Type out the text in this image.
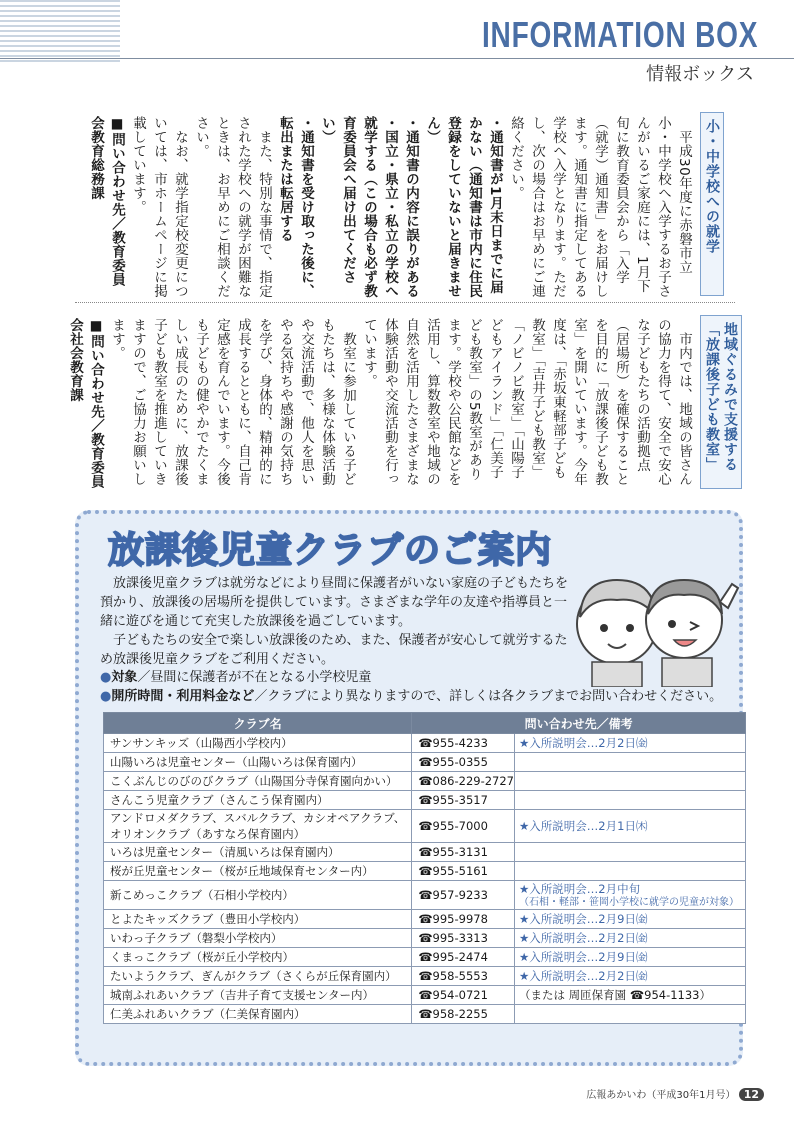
INFORMATION BOX
情報ボックス
小・中学校への就学

　平成30年度に赤磐市立小・中学校へ入学するお子さんがいるご家庭には、1月下旬に教育委員会から「入学（就学）通知書」をお届けします。通知書に指定してある学校へ入学となります。ただし、次の場合はお早めにご連絡ください。

・通知書が1月末日までに届かない（通知書は市内に住民登録をしていないと届きません）

・通知書の内容に誤りがある

・国立・県立・私立の学校へ就学する（この場合も必ず教育委員会へ届け出てください）

・通知書を受け取った後に、転出または転居する

　また、特別な事情で、指定された学校への就学が困難なときは、お早めにご相談ください。

　なお、就学指定校変更については、市ホームページに掲載しています。

■問い合わせ先／教育委員会教育総務課

地域ぐるみで支援する「放課後子ども教室」

　市内では、地域の皆さんの協力を得て、安全で安心な子どもたちの活動拠点（居場所）を確保することを目的に「放課後子ども教室」を開いています。今年度は、「赤坂東軽部子ども教室」「吉井子ども教室」「ノビノビ教室」「山陽子どもアイランド」「仁美子ども教室」の5教室があります。学校や公民館などを活用し、算数教室や地域の自然を活用したさまざまな体験活動や交流活動を行っています。

　教室に参加している子どもたちは、多様な体験活動や交流活動で、他人を思いやる気持ちや感謝の気持ちを学び、身体的、精神的に成長するとともに、自己肯定感を育んでいます。今後も子どもの健やかでたくましい成長のために、放課後子ども教室を推進していきますので、ご協力お願いします。

■問い合わせ先／教育委員会社会教育課

放課後児童クラブのご案内

放課後児童クラブは就労などにより昼間に保護者がいない家庭の子どもたちを預かり、放課後の居場所を提供しています。さまざまな学年の友達や指導員と一緒に遊びを通じて充実した放課後を過ごしています。

子どもたちの安全で楽しい放課後のため、また、保護者が安心して就労するため放課後児童クラブをご利用ください。

●対象／昼間に保護者が不在となる小学校児童
●開所時間・利用料金など／クラブにより異なりますので、詳しくは各クラブまでお問い合わせください。
クラブ名	問い合わせ先／備考	
サンサンキッズ（山陽西小学校内）	☎955-4233	★入所説明会…2月2日㈮
山陽いろは児童センター（山陽いろは保育園内）	☎955-0355	
こくぶんじのびのびクラブ（山陽国分寺保育園向かい）	☎086-229-2727	
さんこう児童クラブ（さんこう保育園内）	☎955-3517	
アンドロメダクラブ、スバルクラブ、カシオペアクラブ、
オリオンクラブ（あすなろ保育園内）	☎955-7000	★入所説明会…2月1日㈭
いろは児童センター（清風いろは保育園内）	☎955-3131	
桜が丘児童センター（桜が丘地域保育センター内）	☎955-5161	
新こめっこクラブ（石相小学校内）	☎957-9233	★入所説明会…2月中旬
（石相・軽部・笹岡小学校に就学の児童が対象）

とよたキッズクラブ（豊田小学校内）	☎995-9978	★入所説明会…2月9日㈮
いわっ子クラブ（磐梨小学校内）	☎995-3313	★入所説明会…2月2日㈮
くまっこクラブ（桜が丘小学校内）	☎995-2474	★入所説明会…2月9日㈮
たいようクラブ、ぎんがクラブ（さくらが丘保育園内）	☎958-5553	★入所説明会…2月2日㈮
城南ふれあいクラブ（吉井子育て支援センター内）	☎954-0721	（または 周匝保育園 ☎954-1133）
仁美ふれあいクラブ（仁美保育園内）	☎958-2255	
広報あかいわ（平成30年1月号） 12
